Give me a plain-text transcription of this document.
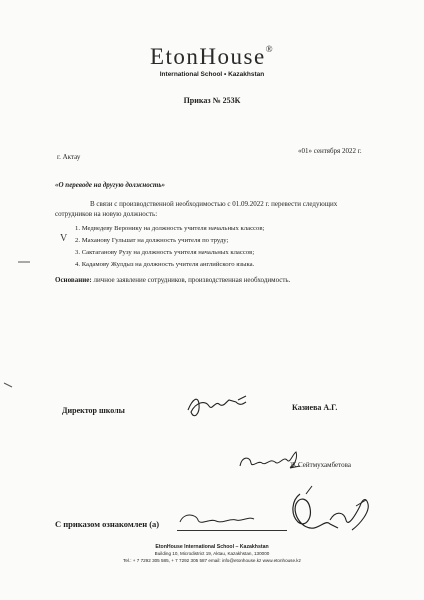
EtonHouse®
International School • Kazakhstan
Приказ № 253К
«01» сентября 2022 г.
г. Актау
«О переводе на другую должность»
В связи с производственной необходимостью с 01.09.2022 г. перевести следующих
сотрудников на новую должность:
1. Медведеву Веронику на должность учителя начальных классов;
2. Маханову Гульшат на должность учителя по труду;
3. Сактаганову Рузу на должность учителя начальных классов;
4. Кадамову Жулдыз на должность учителя английского языка.
V
Основание: личное заявление сотрудников, производственная необходимость.
Директор школы	Казиева А.Г.
Ж.Сейтмухамбетова
С приказом ознакомлен (а)
EtonHouse International School – Kazakhstan
Building 10, Microdistrict 19, Aktau, Kazakhstan, 130000
Tel.: + 7 7292 305 585, + 7 7292 305 587 email: info@etonhouse.kz www.etonhouse.kz
